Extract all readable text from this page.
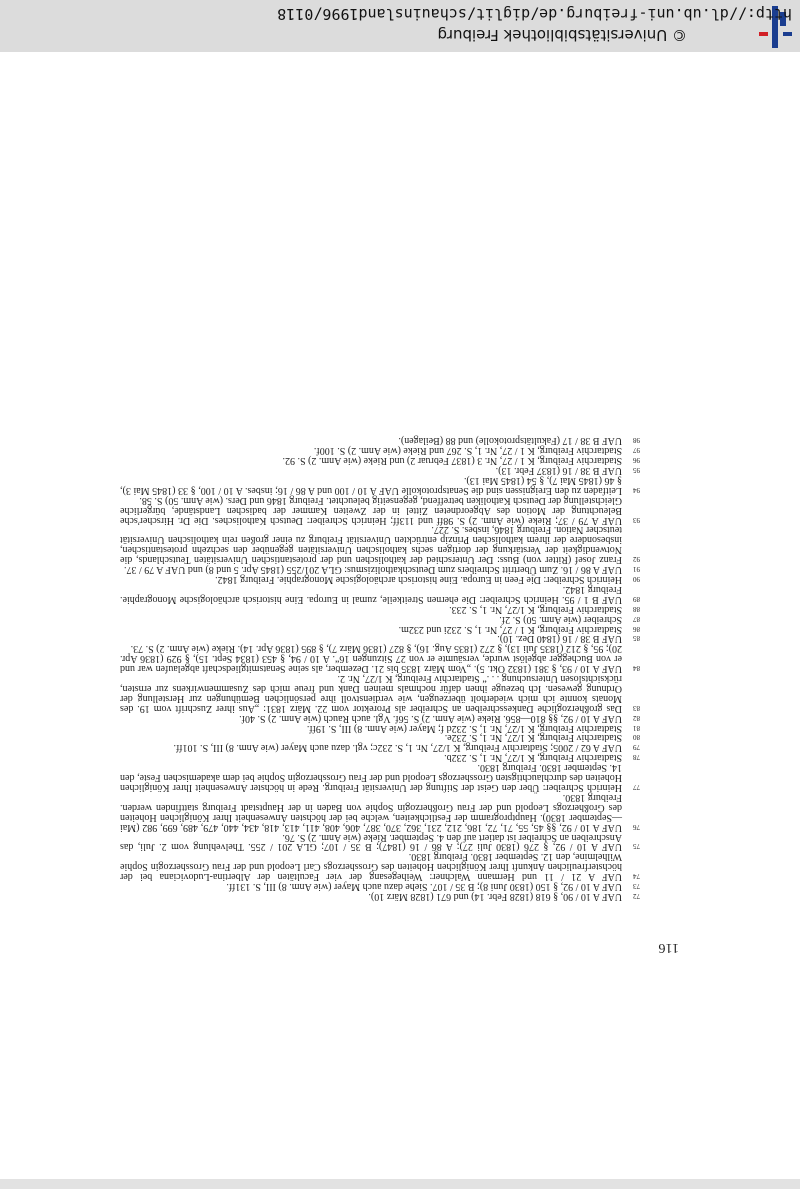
© Universitätsbibliothek Freiburg
http://dl.ub.uni-freiburg.de/diglit/schauinsland1996/0118
116

72
UAF A 10 / 90, § 618 (1828 Febr. 14) und 671 (1828 März 10).

73
UAF A 10 / 92, § 150 (1830 Juni 8); B 35 / 107. Siehe dazu auch Mayer (wie Anm. 8) III, S. 131ff.

74
UAF A 21 / 11 und Hermann Walchner: Weihegesang der vier Facultäten der Albertina-Ludoviciana bei der höchsterfreulichen Ankunft Ihrer Königlichen Hoheiten des Grossherzogs Carl Leopold und der Frau Grossherzogin Sophie Wilhelmine, den 12. September 1830. Freiburg 1830.

75
UAF A 10 / 92, § 276 (1830 Juli 27); A 86 / 16 (1847); B 35 / 107; GLA 201 / 255. Thelvehlung vom 2. Juli, das Anschreiben an Schreiber ist datiert auf den 4. September. Rieke (wie Anm. 2) S. 76.

76
UAF A 10 / 92, §§ 45, 55, 71, 72, 186, 212, 231, 362, 370, 387, 406, 408, 411, 413, 418, 434, 440, 479, 489, 699, 982 (Mai—September 1830). Hauptprogramm der Festlichkeiten, welche bei der höchsten Anwesenheit Ihrer Königlichen Hoheiten des Großherzogs Leopold und der Frau Großherzogin Sophie von Baden in der Hauptstadt Freiburg stattfinden werden. Freiburg 1830.

77
Heinrich Schreiber: Über den Geist der Stiftung der Universität Freiburg. Rede in höchster Anwesenheit Ihrer Königlichen Hoheiten des durchlauchtigsten Grossherzogs Leopold und der Frau Grossherzogin Sophie bei dem akademischen Feste, den 14. September 1830. Freiburg 1830.

78
Stadtarchiv Freiburg, K 1/27, Nr. 1, S. 232b.

79
UAF A 62 / 2005; Stadtarchiv Freiburg, K 1/27, Nr. 1, S. 232c; vgl. dazu auch Mayer (wie Anm. 8) III, S. 101ff.

80
Stadtarchiv Freiburg, K 1/27, Nr. 1, S. 232e.

81
Stadtarchiv Freiburg, K 1/27, Nr. 1, S. 232d f; Mayer (wie Anm. 8) III, S. 19ff.

82
UAF A 10 / 92, §§ 810—856. Rieke (wie Anm. 2) S. 56f. Vgl. auch Rauch (wie Anm. 2) S. 40f.

83
Das großherzogliche Dankesschreiben an Schreiber als Prorektor vom 22. März 1831: „Aus ihrer Zuschrift vom 19. des Monats konnte ich mich wiederholt überzeugen, wie verdienstvoll ihre persönlichen Bemühungen zur Herstellung der Ordnung gewesen. Ich bezeuge ihnen dafür nochmals meinen Dank und freue mich des Zusammenwirkens zur ernsten, rücksichtslosen Untersuchung . . .“ Stadtarchiv Freiburg, K 1/27, Nr. 2.

84
UAF A 10 / 93, § 381 (1832 Okt. 5). „Vom März 1835 bis 21. Dezember, als seine Senatsmitgliedschaft abgelaufen war und er von Buchegger abgelöst wurde, versäumte er von 27 Sitzungen 16“. A 10 / 94, § 453 (1834 Sept. 15), § 929 (1836 Apr. 20); 95, § 212 (1835 Juli 13), § 272 (1835 Aug. 16), § 827 (1836 März 7), § 895 (1836 Apr. 14). Rieke (wie Anm. 2) S. 73.

85
UAF B 38 / 16 (1840 Dez. 10).

86
Stadtarchiv Freiburg, K 1 / 27, Nr. 1, S. 232i und 232m.

87
Schreiber (wie Anm. 50) S. 2f.

88
Stadtarchiv Freiburg, K 1/27, Nr. 1, S. 233.

89
UAF B 1 / 95. Heinrich Schreiber: Die ehernen Streitkeile, zumal in Europa. Eine historisch archäologische Monographie. Freiburg 1842.

90
Heinrich Schreiber: Die Feen in Europa. Eine historisch archäologische Monographie. Freiburg 1842.

91
UAF A 86 / 16. Zum Übertritt Schreibers zum Deutschkatholizismus: GLA 201/255 (1845 Apr. 5 und 8) und UAF A 79 / 37.

92
Franz Josef (Ritter von) Buss: Der Unterschied der katholischen und der protestantischen Universitäten Teutschlands, die Notwendigkeit der Verstärkung der dortigen sechs katholischen Universitäten gegenüber den sechzehn protestantischen, insbesondere der ihrem katholischen Prinzip entrückten Universität Freiburg zu einer großen rein katholischen Universität teutscher Nation. Freiburg 1846, insbes. S. 227.

93
UAF A 79 / 37; Rieke (wie Anm. 2) S. 98ff und 113ff; Heinrich Schreiber: Deutsch Katholisches. Die Dr. Hirscher'sche Beleuchtung der Motion des Abgeordneten Zittel in der Zweiten Kammer der badischen Landstände, bürgerliche Gleichstellung der Deutsch Katholiken betreffend, gegenseitig beleuchtet. Freiburg 1846 und Ders. (wie Anm. 50) S. 58.

94
Leitfaden zu den Ereignissen sind die Senatsprotokolle UAF A 10 / 100 und A 86 / 16; insbes. A 10 / 100, § 33 (1845 Mai 3), § 46 (1845 Mai 7), § 54 (1845 Mai 13).

95
UAF B 38 / 16 (1837 Febr. 13).

96
Stadtarchiv Freiburg, K 1 / 27, Nr. 3 (1837 Februar 2) und Rieke (wie Anm. 2) S. 92.

97
Stadtarchiv Freiburg, K 1 / 27, Nr. 1, S. 267 und Rieke (wie Anm. 2) S. 100f.

98
UAF B 38 / 17 (Fakultätsprotokolle) und 88 (Beilagen).
